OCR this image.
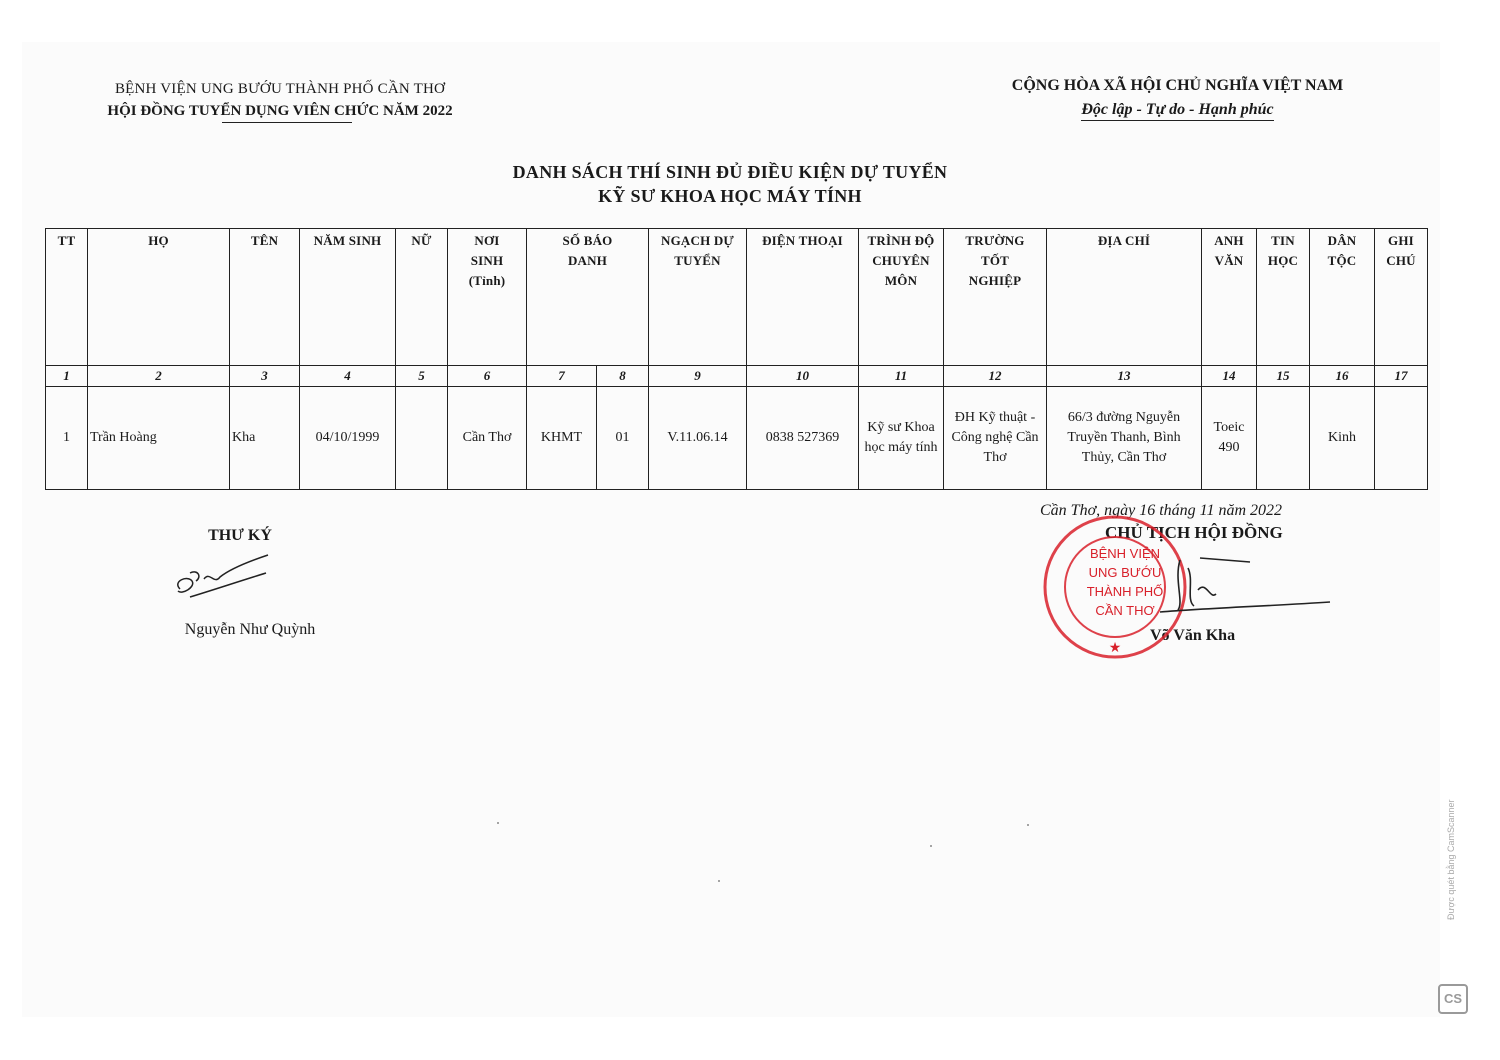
BỆNH VIỆN UNG BƯỚU THÀNH PHỐ CẦN THƠ
HỘI ĐỒNG TUYỂN DỤNG VIÊN CHỨC NĂM 2022
CỘNG HÒA XÃ HỘI CHỦ NGHĨA VIỆT NAM
Độc lập - Tự do - Hạnh phúc
DANH SÁCH THÍ SINH ĐỦ ĐIỀU KIỆN DỰ TUYỂN
KỸ SƯ KHOA HỌC MÁY TÍNH
TT	HỌ	TÊN	NĂM SINH	NỮ	NƠI SINH (Tỉnh)	SỐ BÁO DANH		NGẠCH DỰ TUYỂN	ĐIỆN THOẠI	TRÌNH ĐỘ CHUYÊN MÔN	TRƯỜNG TỐT NGHIỆP	ĐỊA CHỈ	ANH VĂN	TIN HỌC	DÂN TỘC	GHI CHÚ
1	2	3	4	5	6	7	8	9	10	11	12	13	14	15	16	17
1	Trần Hoàng	Kha	04/10/1999		Cần Thơ	KHMT	01	V.11.06.14	0838 527369	Kỹ sư Khoa học máy tính	ĐH Kỹ thuật - Công nghệ Cần Thơ	66/3 đường Nguyễn Truyền Thanh, Bình Thủy, Cần Thơ	Toeic 490		Kinh	
THƯ KÝ
Nguyễn Như Quỳnh
Cần Thơ, ngày 16 tháng 11 năm 2022
CHỦ TỊCH HỘI ĐỒNG
Võ Văn Kha
★
BỆNH VIỆN
UNG BƯỚU
THÀNH PHỐ
CẦN THƠ
Được quét bằng CamScanner
CS
